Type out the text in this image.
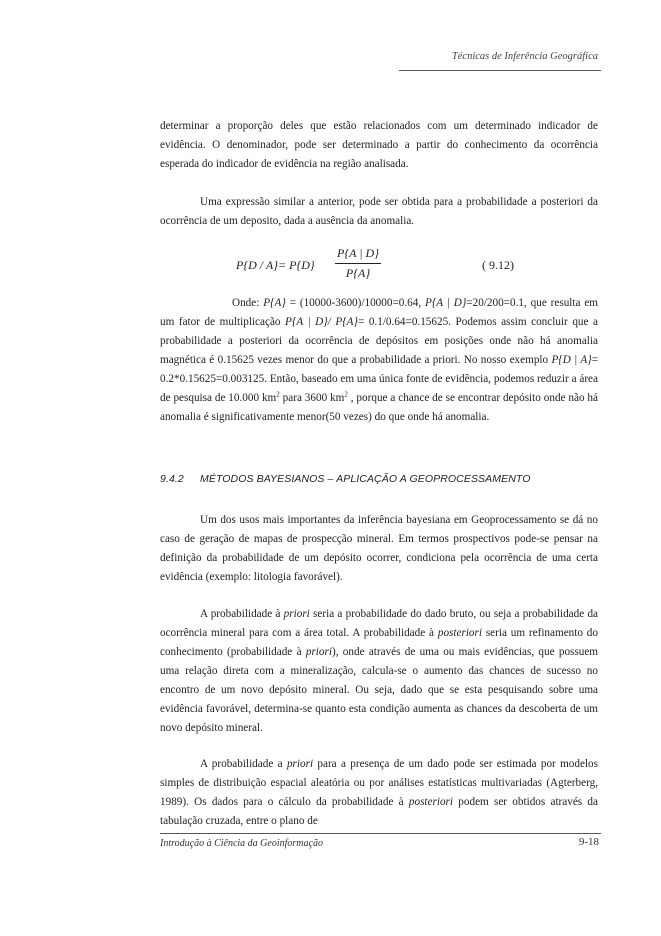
Técnicas de Inferência Geográfica

determinar a proporção deles que estão relacionados com um determinado indicador de evidência. O denominador, pode ser determinado a partir do conhecimento da ocorrência esperada do indicador de evidência na região analisada.

Uma expressão similar a anterior, pode ser obtida para a probabilidade a posteriori da ocorrência de um deposito, dada a ausência da anomalia.

P{D / A}= P{D}
P{A | D}
P{A}
( 9.12)

Onde: P{A} = (10000-3600)/10000=0.64, P{A | D}=20/200=0.1, que resulta em um fator de multiplicação P{A | D}/ P{A}= 0.1/0.64=0.15625. Podemos assim concluir que a probabilidade a posteriori da ocorrência de depósitos em posições onde não há anomalia magnética é 0.15625 vezes menor do que a probabilidade a priori. No nosso exemplo P{D | A}= 0.2*0.15625=0.003125. Então, baseado em uma única fonte de evidência, podemos reduzir a área de pesquisa de 10.000 $km^2$ para 3600 $km^2$ , porque a chance de se encontrar depósito onde não há anomalia é significativamente menor(50 vezes) do que onde há anomalia.

9.4.2 MÉTODOS BAYESIANOS – APLICAÇÃO A GEOPROCESSAMENTO

Um dos usos mais importantes da inferência bayesiana em Geoprocessamento se dá no caso de geração de mapas de prospecção mineral. Em termos prospectivos pode-se pensar na definição da probabilidade de um depósito ocorrer, condiciona pela ocorrência de uma certa evidência (exemplo: litologia favorável).

A probabilidade à priori seria a probabilidade do dado bruto, ou seja a probabilidade da ocorrência mineral para com a área total. A probabilidade à posteriori seria um refinamento do conhecimento (probabilidade à priori), onde através de uma ou mais evidências, que possuem uma relação direta com a mineralização, calcula-se o aumento das chances de sucesso no encontro de um novo depósito mineral. Ou seja, dado que se esta pesquisando sobre uma evidência favorável, determina-se quanto esta condição aumenta as chances da descoberta de um novo depósito mineral.

A probabilidade a priori para a presença de um dado pode ser estimada por modelos simples de distribuição espacial aleatória ou por análises estatísticas multivariadas (Agterberg, 1989). Os dados para o cálculo da probabilidade à posteriori podem ser obtidos através da tabulação cruzada, entre o plano de

Introdução à Ciência da Geoinformação	9-18
